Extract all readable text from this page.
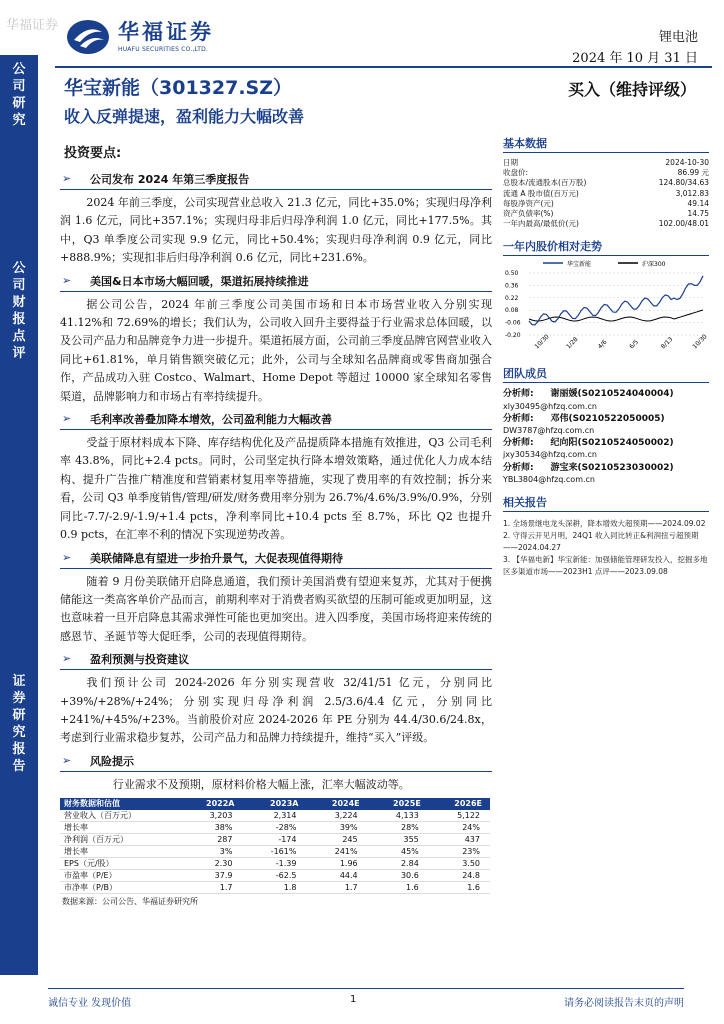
华福证券	华福证券
HUAFU SECURITIES CO.,LTD.
锂电池
2024 年 10 月 31 日
公
司
研
究
公
司
财
报
点
评
证
券
研
究
报
告
华宝新能（301327.SZ）	买入（维持评级）
收入反弹提速，盈利能力大幅改善
投资要点:
➢ 公司发布 2024 年第三季度报告
2024 年前三季度，公司实现营业总收入 21.3 亿元，同比+35.0%；实现归母净利润 1.6 亿元，同比+357.1%；实现归母非后归母净利润 1.0 亿元，同比+177.5%。其中，Q3 单季度公司实现 9.9 亿元，同比+50.4%；实现归母净利润 0.9 亿元，同比+888.9%；实现扣非后归母净利润 0.6 亿元，同比+231.6%。
➢ 美国&日本市场大幅回暖，渠道拓展持续推进
据公司公告，2024 年前三季度公司美国市场和日本市场营业收入分别实现 41.12%和 72.69%的增长；我们认为，公司收入回升主要得益于行业需求总体回暖，以及公司产品力和品牌竞争力进一步提升。渠道拓展方面，公司前三季度品牌官网营业收入同比+61.81%，单月销售额突破亿元；此外，公司与全球知名品牌商或零售商加强合作，产品成功入驻 Costco、Walmart、Home Depot 等超过 10000 家全球知名零售渠道，品牌影响力和市场占有率持续提升。
➢ 毛利率改善叠加降本增效，公司盈利能力大幅改善
受益于原材料成本下降、库存结构优化及产品提质降本措施有效推进，Q3 公司毛利率 43.8%，同比+2.4 pcts。同时，公司坚定执行降本增效策略，通过优化人力成本结构、提升广告推广精准度和营销素材复用率等措施，实现了费用率的有效控制；拆分来看，公司 Q3 单季度销售/管理/研发/财务费用率分别为 26.7%/4.6%/3.9%/0.9%，分别同比-7.7/-2.9/-1.9/+1.4 pcts，净利率同比+10.4 pcts 至 8.7%，环比 Q2 也提升 0.9 pcts，在汇率不利的情况下实现逆势改善。
➢ 美联储降息有望进一步抬升景气，大促表现值得期待
随着 9 月份美联储开启降息通道，我们预计美国消费有望迎来复苏，尤其对于便携储能这一类高客单价产品而言，前期利率对于消费者购买欲望的压制可能或更加明显，这也意味着一旦开启降息其需求弹性可能也更加突出。进入四季度，美国市场将迎来传统的感恩节、圣诞节等大促旺季，公司的表现值得期待。
➢ 盈利预测与投资建议
我们预计公司 2024-2026 年分别实现营收 32/41/51 亿元，分别同比+39%/+28%/+24%；分别实现归母净利润 2.5/3.6/4.4 亿元，分别同比+241%/+45%/+23%。当前股价对应 2024-2026 年 PE 分别为 44.4/30.6/24.8x，考虑到行业需求稳步复苏，公司产品力和品牌力持续提升，维持“买入”评级。
➢ 风险提示
行业需求不及预期，原材料价格大幅上涨，汇率大幅波动等。
财务数据和估值	2022A	2023A	2024E	2025E	2026E
营业收入（百万元）	3,203	2,314	3,224	4,133	5,122
增长率	38%	-28%	39%	28%	24%
净利润（百万元）	287	-174	245	355	437
增长率	3%	-161%	241%	45%	23%
EPS（元/股）	2.30	-1.39	1.96	2.84	3.50
市盈率（P/E）	37.9	-62.5	44.4	30.6	24.8
市净率（P/B）	1.7	1.8	1.7	1.6	1.6
数据来源：公司公告、华福证券研究所
基本数据
日期	2024-10-30
收盘价:	86.99 元
总股本/流通股本(百万股)	124.80/34.63
流通 A 股市值(百万元)	3,012.83
每股净资产(元)	49.14
资产负债率(%)	14.75
一年内最高/最低价(元)	102.00/48.01
一年内股价相对走势
华宝新能	沪深300
0.50
0.36
0.22
0.08
-0.06
-0.20 10/30 1/28	4/6	6/5	8/13	10/30
团队成员
分析师: 谢丽媛(S0210524040004)
xly30495@hfzq.com.cn
分析师: 邓伟(S0210522050005)
DW3787@hfzq.com.cn
分析师: 纪向阳(S0210524050002)
jxy30534@hfzq.com.cn
分析师: 游宝来(S0210523030002)
YBL3804@hfzq.com.cn
相关报告
1. 全场景继电龙头深耕，降本增效大超预期——2024.09.02
2. 守得云开见月明，24Q1 收入同比转正&利润扭亏超预期——2024.04.27
3. 【华福电新】华宝新能：加强储能管理研发投入，挖掘多地区多渠道市场——2023H1 点评——2023.09.08
诚信专业 发现价值	1	请务必阅读报告末页的声明
